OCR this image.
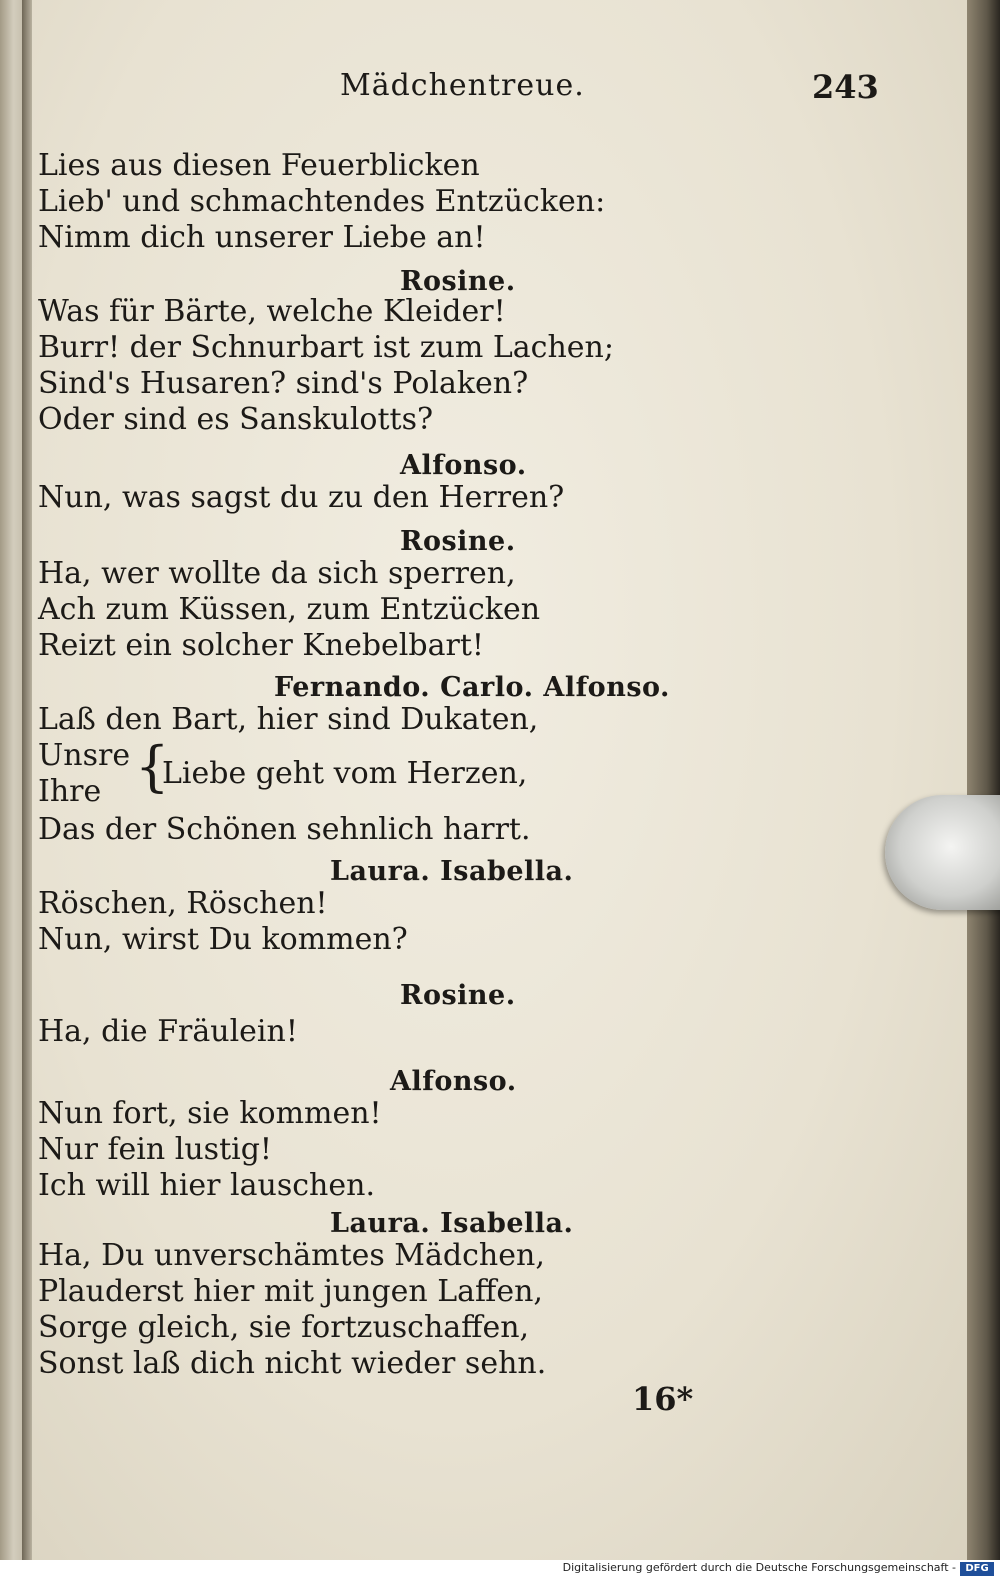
Mädchentreue.	243
Lies aus diesen Feuerblicken
Lieb' und schmachtendes Entzücken:
Nimm dich unserer Liebe an!
Rosine.
Was für Bärte, welche Kleider!
Burr! der Schnurbart ist zum Lachen;
Sind's Husaren? sind's Polaken?
Oder sind es Sanskulotts?
Alfonso.
Nun, was sagst du zu den Herren?
Rosine.
Ha, wer wollte da sich sperren,
Ach zum Küssen, zum Entzücken
Reizt ein solcher Knebelbart!
Fernando. Carlo. Alfonso.
Laß den Bart, hier sind Dukaten,
Unsre {
Liebe geht vom Herzen,
Ihre
Das der Schönen sehnlich harrt.
Laura. Isabella.
Röschen, Röschen!
Nun, wirst Du kommen?
Rosine.
Ha, die Fräulein!
Alfonso.
Nun fort, sie kommen!
Nur fein lustig!
Ich will hier lauschen.
Laura. Isabella.
Ha, Du unverschämtes Mädchen,
Plauderst hier mit jungen Laffen,
Sorge gleich, sie fortzuschaffen,
Sonst laß dich nicht wieder sehn.
16*
Digitalisierung gefördert durch die Deutsche Forschungsgemeinschaft - DFG
